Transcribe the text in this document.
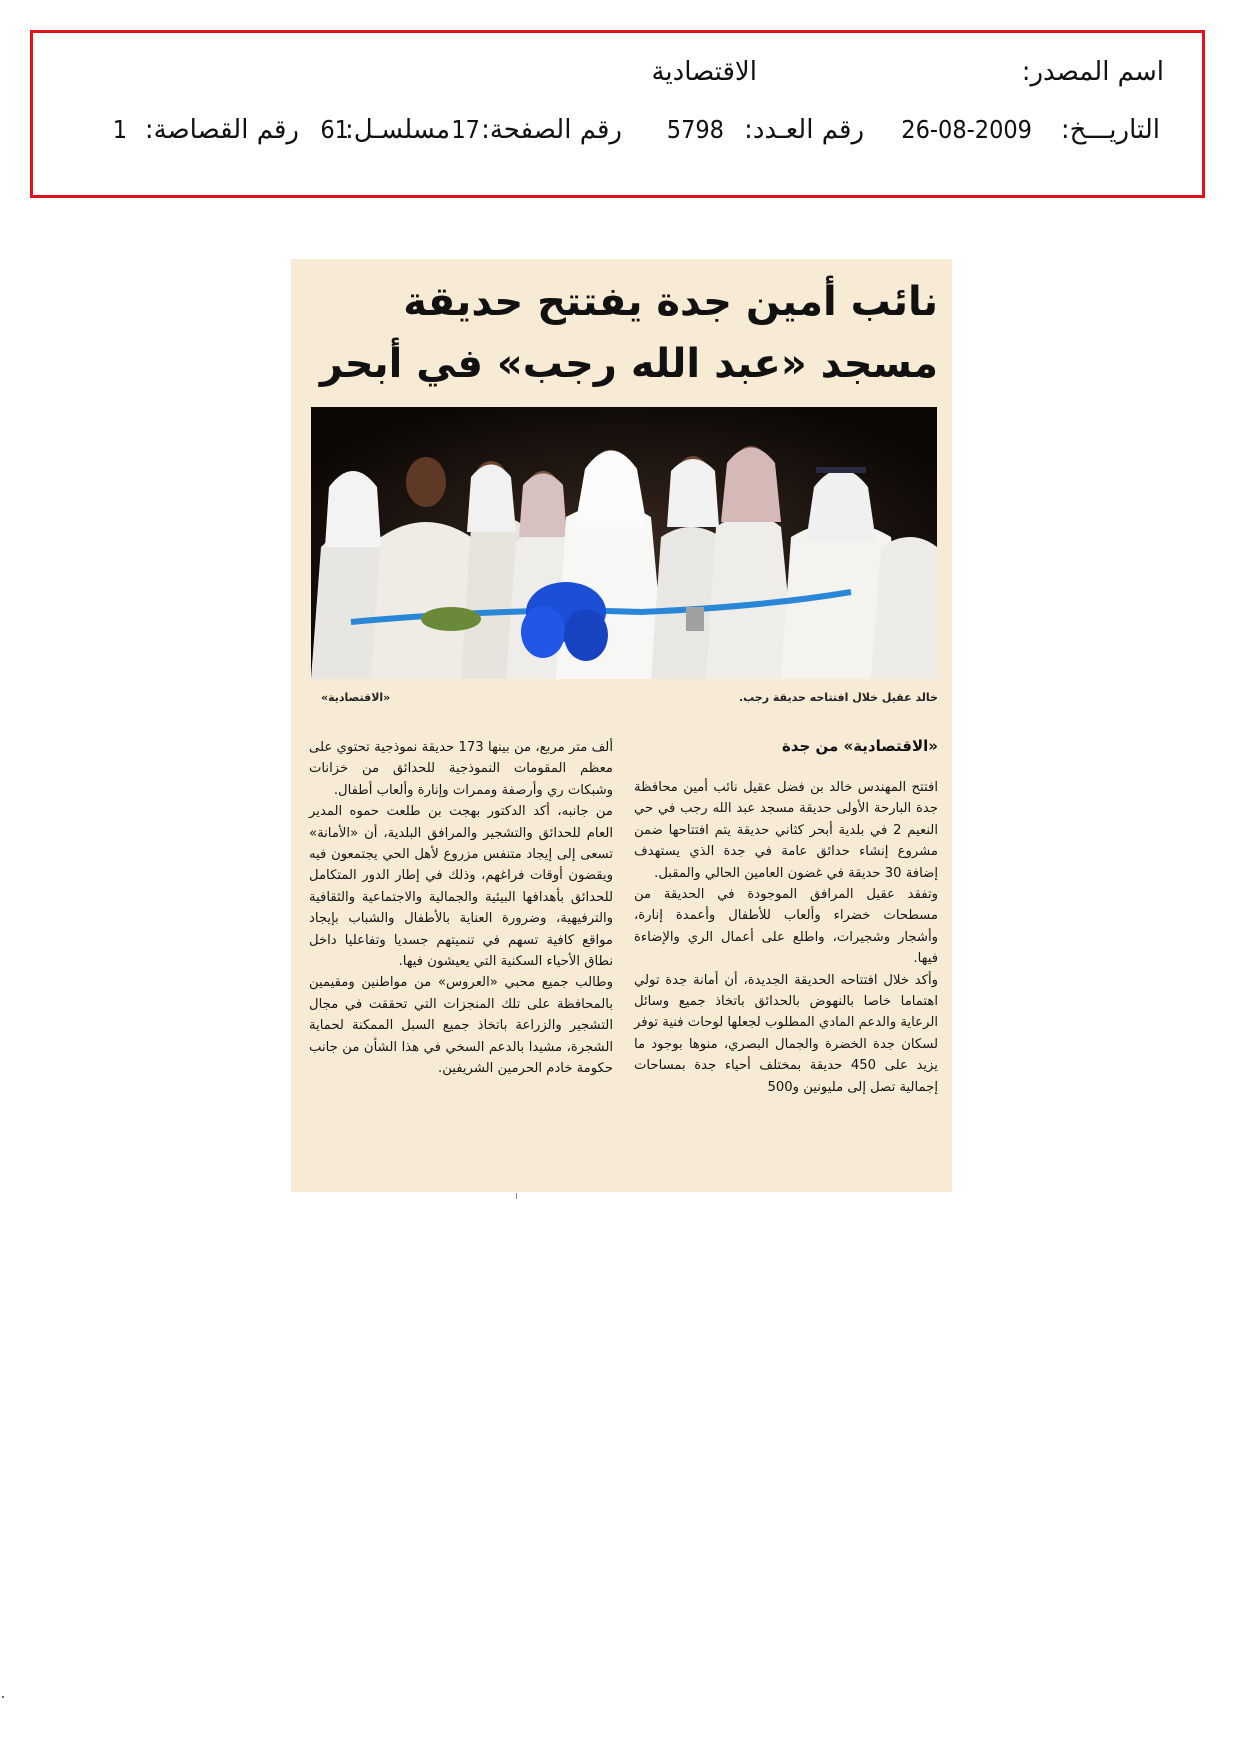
اسم المصدر:
الاقتصادية
التاريـــخ:
26-08-2009
رقم العـدد:
5798
رقم الصفحة:
17
مسلسـل:
61
رقم القصاصة:
1
نائب أمين جدة يفتتح حديقة مسجد «عبد الله رجب» في أبحر
خالد عقيل خلال افتتاحه حديقة رجب.
«الاقتصادية»
«الاقتصادية» من جدة

افتتح المهندس خالد بن فضل عقيل نائب أمين محافظة جدة البارحة الأولى حديقة مسجد عبد الله رجب في حي النعيم 2 في بلدية أبحر كثاني حديقة يتم افتتاحها ضمن مشروع إنشاء حدائق عامة في جدة الذي يستهدف إضافة 30 حديقة في غضون العامين الحالي والمقبل.

وتفقد عقيل المرافق الموجودة في الحديقة من مسطحات خضراء وألعاب للأطفال وأعمدة إنارة، وأشجار وشجيرات، واطلع على أعمال الري والإضاءة فيها.

وأكد خلال افتتاحه الحديقة الجديدة، أن أمانة جدة تولي اهتماما خاصا بالنهوض بالحدائق باتخاذ جميع وسائل الرعاية والدعم المادي المطلوب لجعلها لوحات فنية توفر لسكان جدة الخضرة والجمال البصري، منوها بوجود ما يزيد على 450 حديقة بمختلف أحياء جدة بمساحات إجمالية تصل إلى مليونين و500

ألف متر مربع، من بينها 173 حديقة نموذجية تحتوي على معظم المقومات النموذجية للحدائق من خزانات وشبكات ري وأرصفة وممرات وإنارة وألعاب أطفال.

من جانبه، أكد الدكتور بهجت بن طلعت حموه المدير العام للحدائق والتشجير والمرافق البلدية، أن «الأمانة» تسعى إلى إيجاد متنفس مزروع لأهل الحي يجتمعون فيه ويقضون أوقات فراغهم، وذلك في إطار الدور المتكامل للحدائق بأهدافها البيئية والجمالية والاجتماعية والثقافية والترفيهية، وضرورة العناية بالأطفال والشباب بإيجاد مواقع كافية تسهم في تنميتهم جسديا وتفاعليا داخل نطاق الأحياء السكنية التي يعيشون فيها.

وطالب جميع محبي «العروس» من مواطنين ومقيمين بالمحافظة على تلك المنجزات التي تحققت في مجال التشجير والزراعة باتخاذ جميع السبل الممكنة لحماية الشجرة، مشيدا بالدعم السخي في هذا الشأن من جانب حكومة خادم الحرمين الشريفين.
